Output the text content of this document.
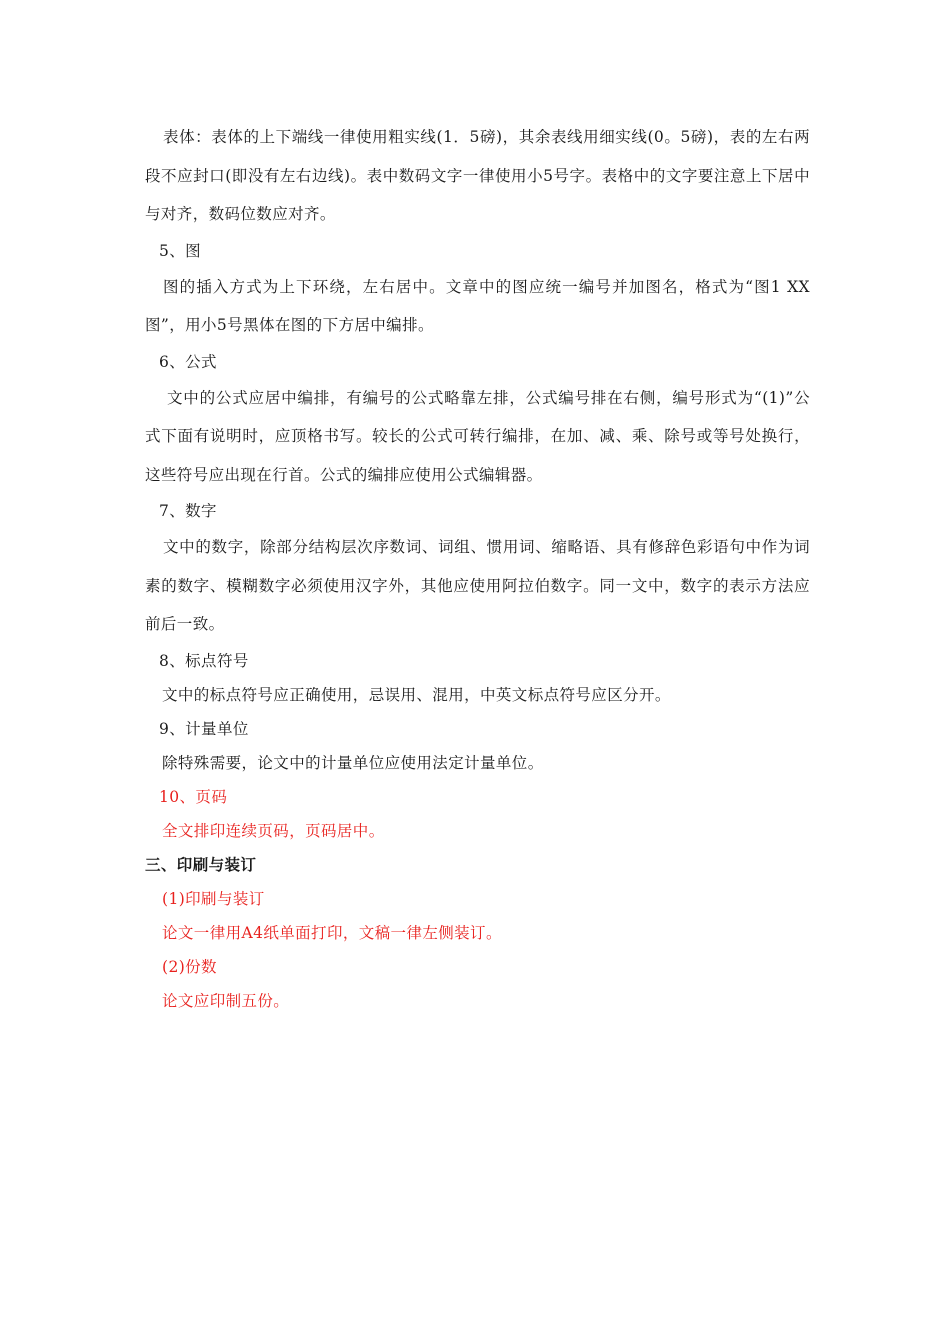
表体：表体的上下端线一律使用粗实线(1．5磅)，其余表线用细实线(0。5磅)，表的左右两段不应封口(即没有左右边线)。表中数码文字一律使用小5号字。表格中的文字要注意上下居中与对齐，数码位数应对齐。

5、图

图的插入方式为上下环绕，左右居中。文章中的图应统一编号并加图名，格式为“图1 XX图”，用小5号黑体在图的下方居中编排。

6、公式

文中的公式应居中编排，有编号的公式略靠左排，公式编号排在右侧，编号形式为“(1)”公式下面有说明时，应顶格书写。较长的公式可转行编排，在加、减、乘、除号或等号处换行，这些符号应出现在行首。公式的编排应使用公式编辑器。

7、数字

文中的数字，除部分结构层次序数词、词组、惯用词、缩略语、具有修辞色彩语句中作为词素的数字、模糊数字必须使用汉字外，其他应使用阿拉伯数字。同一文中，数字的表示方法应前后一致。

8、标点符号

文中的标点符号应正确使用，忌误用、混用，中英文标点符号应区分开。

9、计量单位

除特殊需要，论文中的计量单位应使用法定计量单位。

10、页码

全文排印连续页码，页码居中。

三、印刷与装订

(1)印刷与装订

论文一律用A4纸单面打印，文稿一律左侧装订。

(2)份数

论文应印制五份。
